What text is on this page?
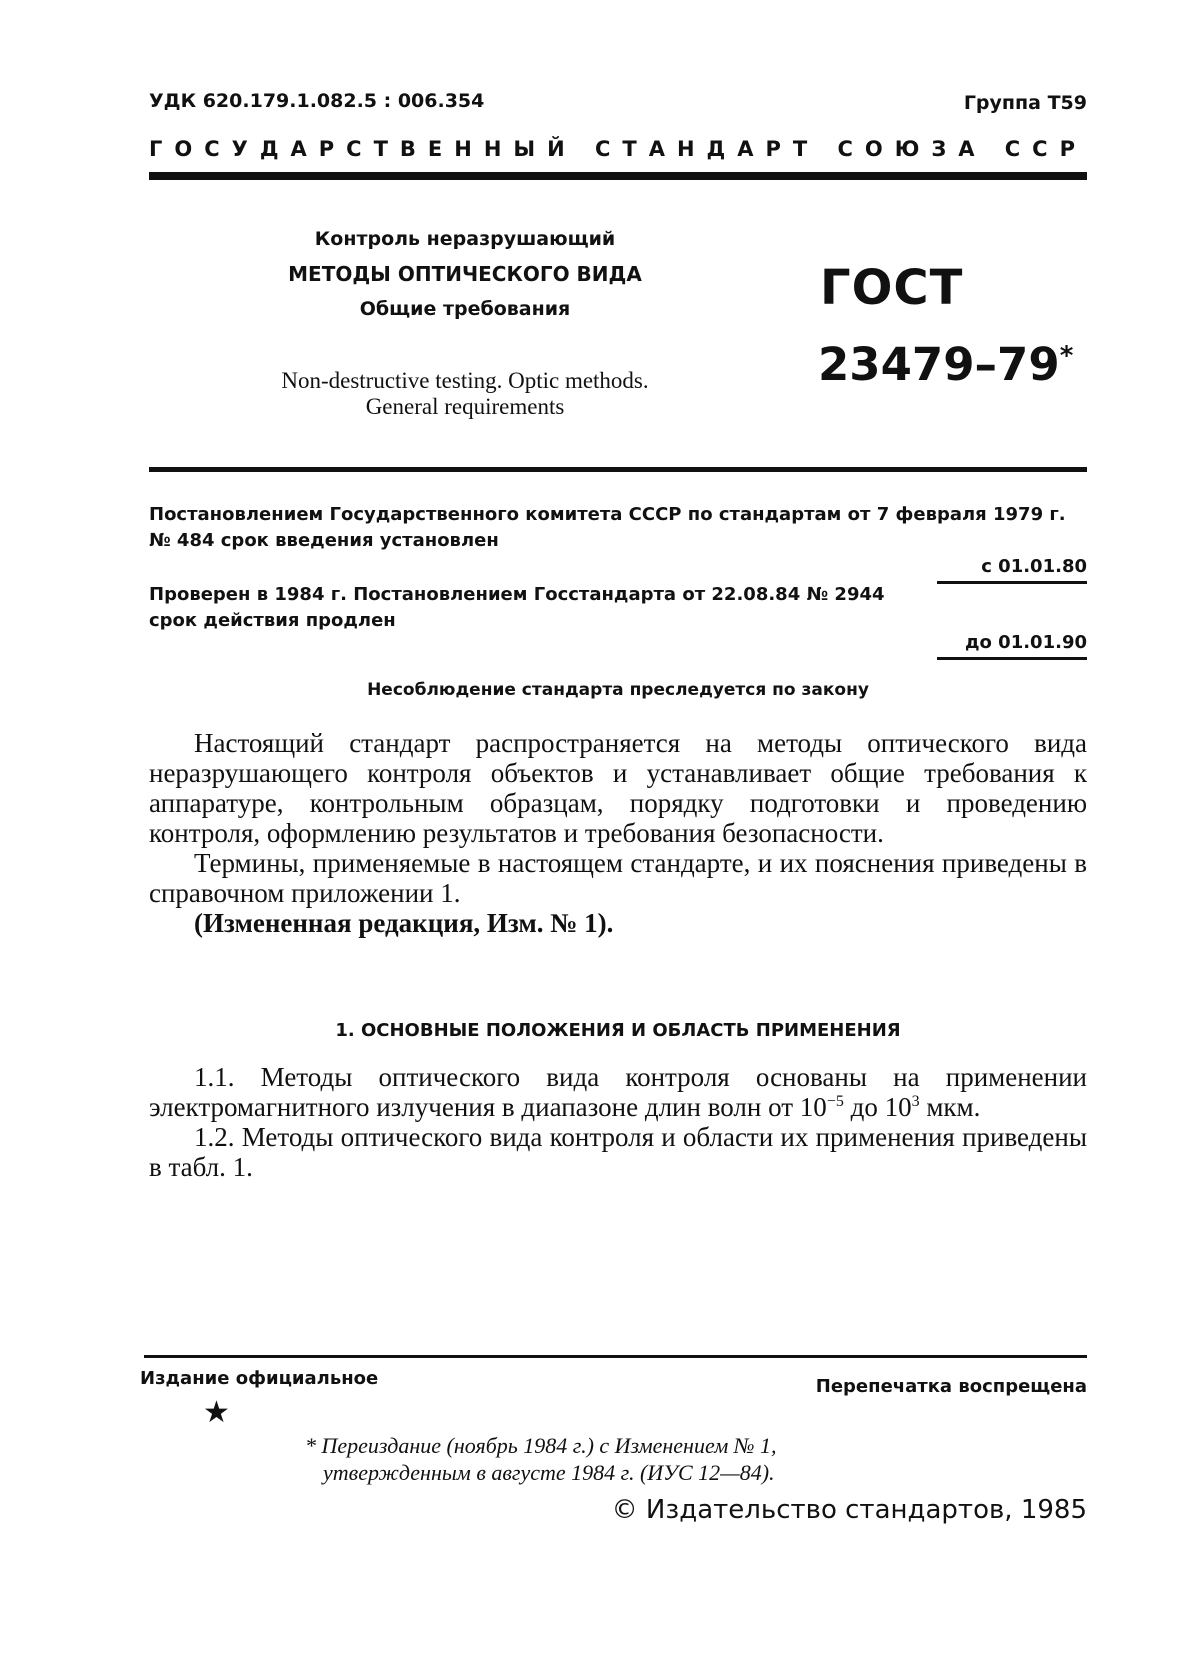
УДК 620.179.1.082.5 : 006.354	Группа Т59
ГОСУДАРСТВЕННЫЙ СТАНДАРТ СОЮЗА ССР
Контроль неразрушающий
МЕТОДЫ ОПТИЧЕСКОГО ВИДА
Общие требования
Non-destructive testing. Optic methods.
General requirements
ГОСТ
23479–79*
Постановлением Государственного комитета СССР по стандартам от 7 февраля 1979 г. № 484 срок введения установлен
с 01.01.80
Проверен в 1984 г. Постановлением Госстандарта от 22.08.84 № 2944 срок действия продлен
до 01.01.90
Несоблюдение стандарта преследуется по закону

Настоящий стандарт распространяется на методы оптического вида неразрушающего контроля объектов и устанавливает общие требования к аппаратуре, контрольным образцам, порядку подготовки и проведению контроля, оформлению результатов и требования безопасности.

Термины, применяемые в настоящем стандарте, и их пояснения приведены в справочном приложении 1.

(Измененная редакция, Изм. № 1).

1. ОСНОВНЫЕ ПОЛОЖЕНИЯ И ОБЛАСТЬ ПРИМЕНЕНИЯ

1.1. Методы оптического вида контроля основаны на применении электромагнитного излучения в диапазоне длин волн от $10^{-5}$ до $10^3$ мкм.

1.2. Методы оптического вида контроля и области их применения приведены в табл. 1.

Издание официальное	Перепечатка воспрещена
★
* Переиздание (ноябрь 1984 г.) с Изменением № 1,
утвержденным в августе 1984 г. (ИУС 12—84).
© Издательство стандартов, 1985
